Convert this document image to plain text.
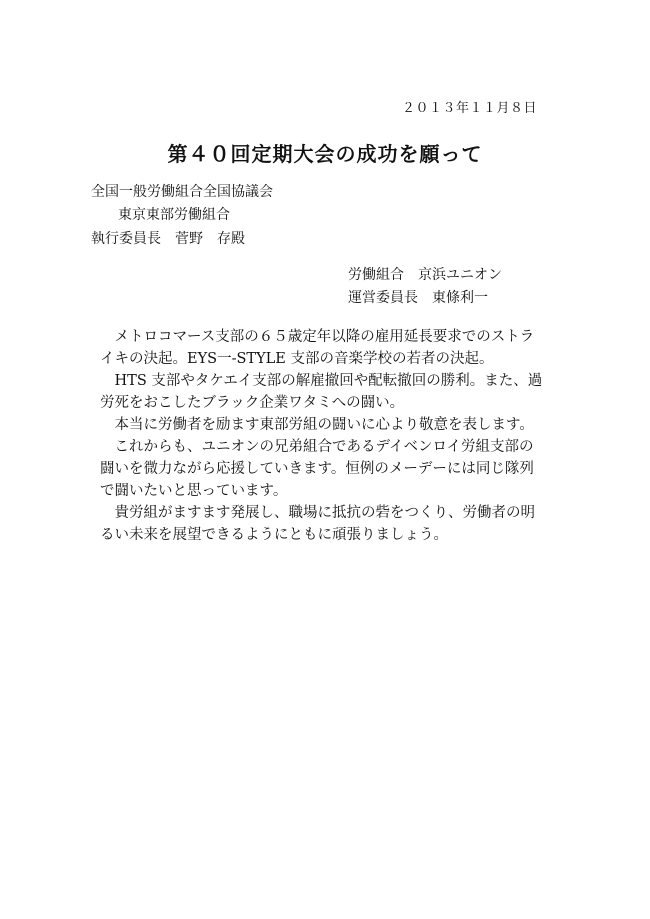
２０１３年１１月８日
第４０回定期大会の成功を願って
全国一般労働組合全国協議会
東京東部労働組合
執行委員長　菅野　存殿
労働組合　京浜ユニオン
運営委員長　東條利一

メトロコマース支部の６５歳定年以降の雇用延長要求でのストラ
イキの決起。EYS一-STYLE 支部の音楽学校の若者の決起。

HTS 支部やタケエイ支部の解雇撤回や配転撤回の勝利。また、過
労死をおこしたブラック企業ワタミへの闘い。

本当に労働者を励ます東部労組の闘いに心より敬意を表します。

これからも、ユニオンの兄弟組合であるデイベンロイ労組支部の
闘いを微力ながら応援していきます。恒例のメーデーには同じ隊列
で闘いたいと思っています。

貴労組がますます発展し、職場に抵抗の砦をつくり、労働者の明
るい未来を展望できるようにともに頑張りましょう。
